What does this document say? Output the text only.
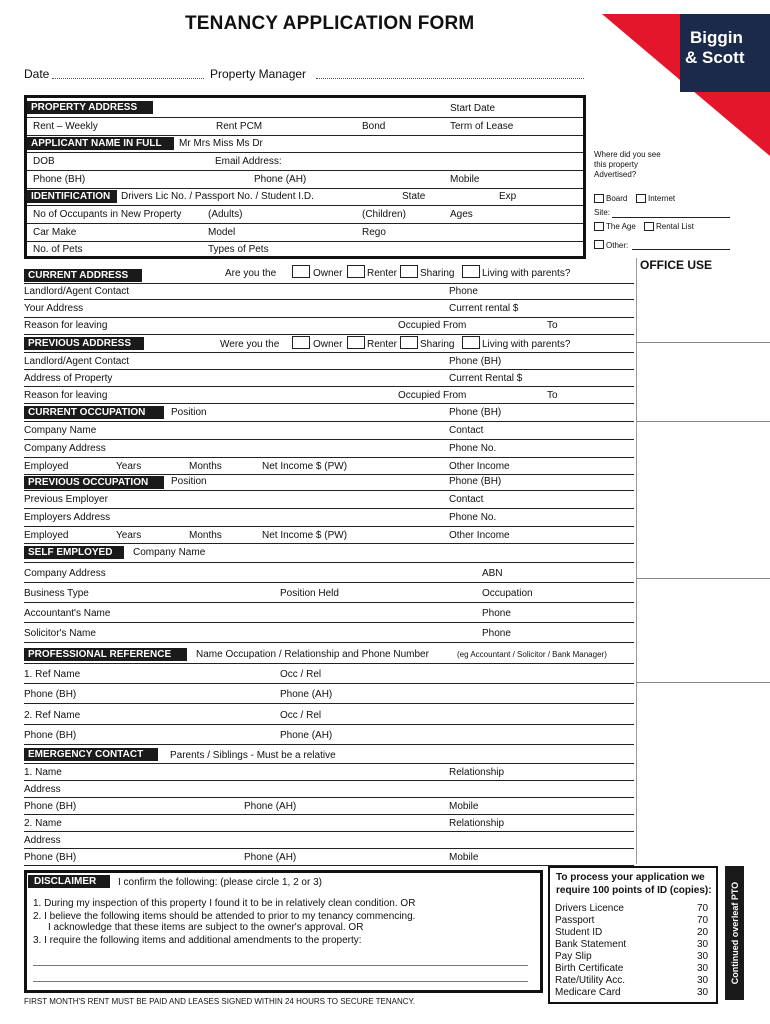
TENANCY APPLICATION FORM
Biggin
& Scott
Date	Property Manager
PROPERTY ADDRESS	Start Date
Rent – Weekly	Rent PCM	Bond	Term of Lease
APPLICANT NAME IN FULL	Mr Mrs Miss Ms Dr
DOB	Email Address:
Phone (BH)	Phone (AH)	Mobile
IDENTIFICATION	Drivers Lic No. / Passport No. / Student I.D.	State	Exp
No of Occupants in New Property	(Adults)	(Children)	Ages
Car Make	Model	Rego
No. of Pets	Types of Pets
Where did you see this property Advertised?
Board	Internet
Site:
The Age	Rental List
Other:
OFFICE USE
CURRENT ADDRESS	Are you the	Owner Renter Sharing	Living with parents?
Landlord/Agent Contact	Phone
Your Address	Current rental $
Reason for leaving	Occupied From	To
PREVIOUS ADDRESS	Were you the	Owner Renter Sharing	Living with parents?
Landlord/Agent Contact	Phone (BH)
Address of Property	Current Rental $
Reason for leaving	Occupied From	To
CURRENT OCCUPATION	Position	Phone (BH)
Company Name	Contact
Company Address	Phone No.
Employed	Years	Months	Net Income $ (PW)	Other Income
PREVIOUS OCCUPATION	Position	Phone (BH)
Previous Employer	Contact
Employers Address	Phone No.
Employed	Years	Months	Net Income $ (PW)	Other Income
SELF EMPLOYED	Company Name
Company Address	ABN
Business Type	Position Held	Occupation
Accountant's Name	Phone
Solicitor's Name	Phone
PROFESSIONAL REFERENCE	Name Occupation / Relationship and Phone Number	(eg Accountant / Solicitor / Bank Manager)
1. Ref Name	Occ / Rel
Phone (BH)	Phone (AH)
2. Ref Name	Occ / Rel
Phone (BH)	Phone (AH)
EMERGENCY CONTACT	Parents / Siblings - Must be a relative
1. Name	Relationship
Address
Phone (BH)	Phone (AH)	Mobile
2. Name	Relationship
Address
Phone (BH)	Phone (AH)	Mobile
DISCLAIMER	I confirm the following: (please circle 1, 2 or 3)
1. During my inspection of this property I found it to be in relatively clean condition. OR
2. I believe the following items should be attended to prior to my tenancy commencing.
I acknowledge that these items are subject to the owner's approval. OR
3. I require the following items and additional amendments to the property:
FIRST MONTH'S RENT MUST BE PAID AND LEASES SIGNED WITHIN 24 HOURS TO SECURE TENANCY.
To process your application we
require 100 points of ID (copies):
Drivers Licence	70
Passport	70
Student ID	20
Bank Statement	30
Pay Slip	30
Birth Certificate	30
Rate/Utility Acc.	30
Medicare Card	30
Continued overleaf PTO
